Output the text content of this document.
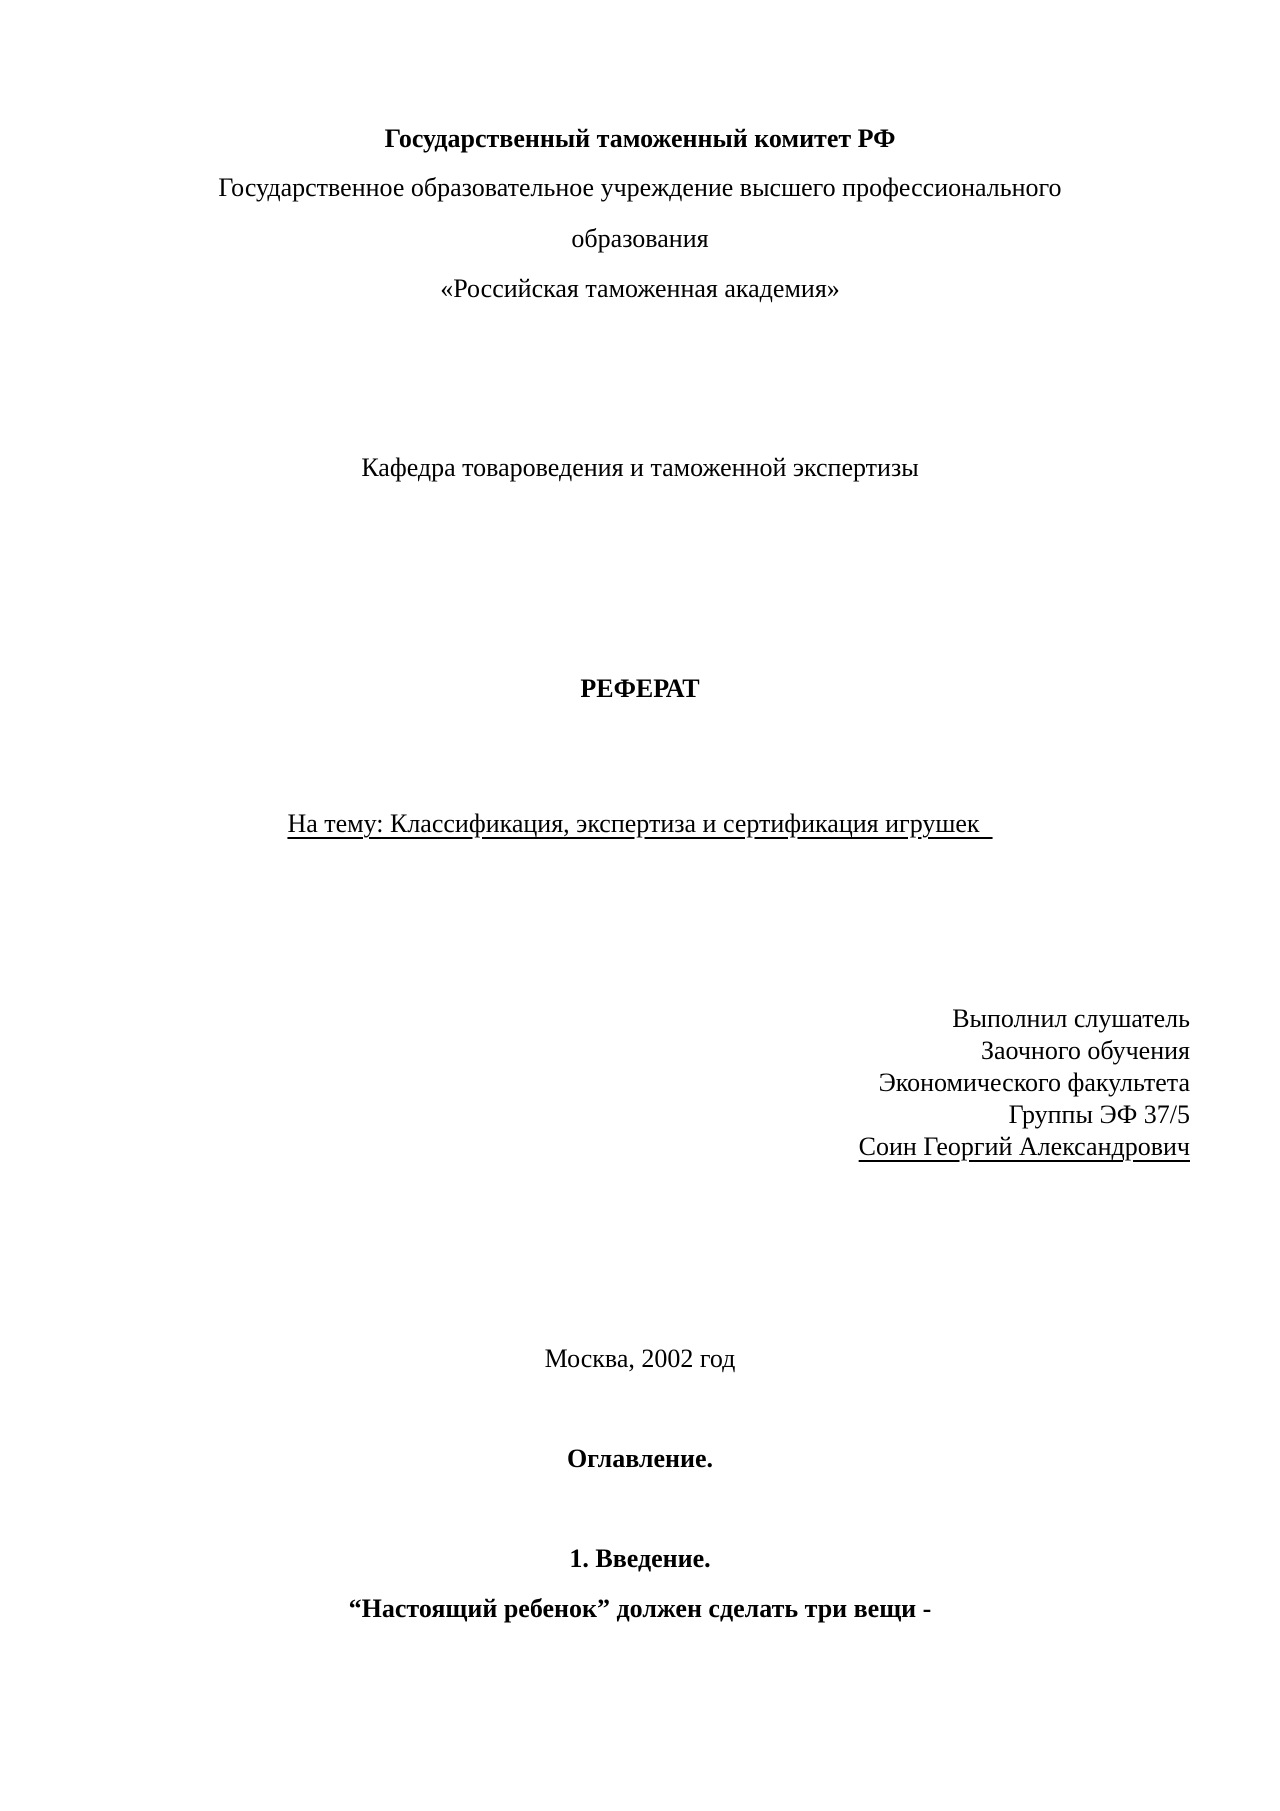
Государственный таможенный комитет РФ
Государственное образовательное учреждение высшего профессионального
образования
«Российская таможенная академия»
Кафедра товароведения и таможенной экспертизы
РЕФЕРАТ
На тему: Классификация, экспертиза и сертификация игрушек
Выполнил слушатель
Заочного обучения
Экономического факультета
Группы ЭФ 37/5
Соин Георгий Александрович
Москва, 2002 год
Оглавление.
1. Введение.
“Настоящий ребенок” должен сделать три вещи -
